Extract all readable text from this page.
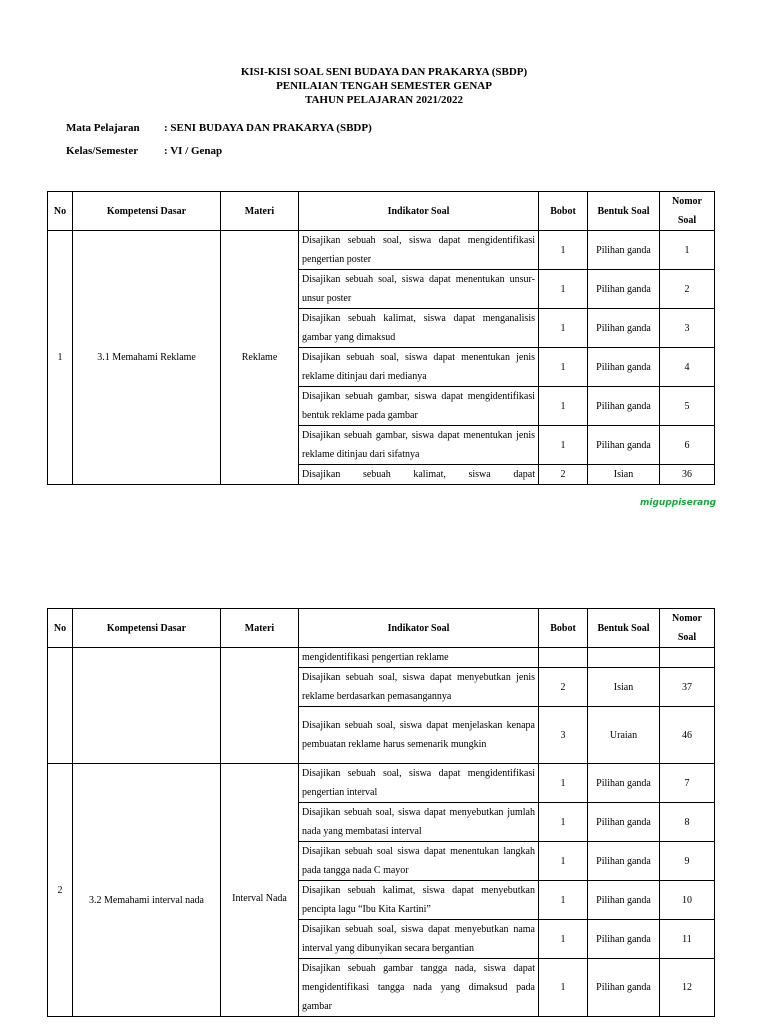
KISI-KISI SOAL SENI BUDAYA DAN PRAKARYA (SBDP)
PENILAIAN TENGAH SEMESTER GENAP
TAHUN PELAJARAN 2021/2022
Mata Pelajaran : SENI BUDAYA DAN PRAKARYA (SBDP)
Kelas/Semester : VI / Genap
No	Kompetensi Dasar	Materi	Indikator Soal	Bobot	Bentuk Soal	Nomor
Soal
1	3.1 Memahami Reklame	Reklame	Disajikan sebuah soal, siswa dapat mengidentifikasi pengertian poster	1	Pilihan ganda	1
			Disajikan sebuah soal, siswa dapat menentukan unsur-unsur poster	1	Pilihan ganda	2
			Disajikan sebuah kalimat, siswa dapat menganalisis gambar yang dimaksud	1	Pilihan ganda	3
			Disajikan sebuah soal, siswa dapat menentukan jenis reklame ditinjau dari medianya	1	Pilihan ganda	4
			Disajikan sebuah gambar, siswa dapat mengidentifikasi bentuk reklame pada gambar	1	Pilihan ganda	5
			Disajikan sebuah gambar, siswa dapat menentukan jenis reklame ditinjau dari sifatnya	1	Pilihan ganda	6
			Disajikan sebuah kalimat, siswa dapat	2	Isian	36
miguppiserang
No	Kompetensi Dasar	Materi	Indikator Soal	Bobot	Bentuk Soal	Nomor
Soal
			mengidentifikasi pengertian reklame			
			Disajikan sebuah soal, siswa dapat menyebutkan jenis reklame berdasarkan pemasangannya	2	Isian	37
			Disajikan sebuah soal, siswa dapat menjelaskan kenapa pembuatan reklame harus semenarik mungkin	3	Uraian	46
2	3.2 Memahami interval nada	Interval Nada	Disajikan sebuah soal, siswa dapat mengidentifikasi pengertian interval	1	Pilihan ganda	7
			Disajikan sebuah soal, siswa dapat menyebutkan jumlah nada yang membatasi interval	1	Pilihan ganda	8
			Disajikan sebuah soal siswa dapat menentukan langkah pada tangga nada C mayor	1	Pilihan ganda	9
			Disajikan sebuah kalimat, siswa dapat menyebutkan pencipta lagu “Ibu Kita Kartini”	1	Pilihan ganda	10
			Disajikan sebuah soal, siswa dapat menyebutkan nama interval yang dibunyikan secara bergantian	1	Pilihan ganda	11
			Disajikan sebuah gambar tangga nada, siswa dapat mengidentifikasi tangga nada yang dimaksud pada gambar	1	Pilihan ganda	12
